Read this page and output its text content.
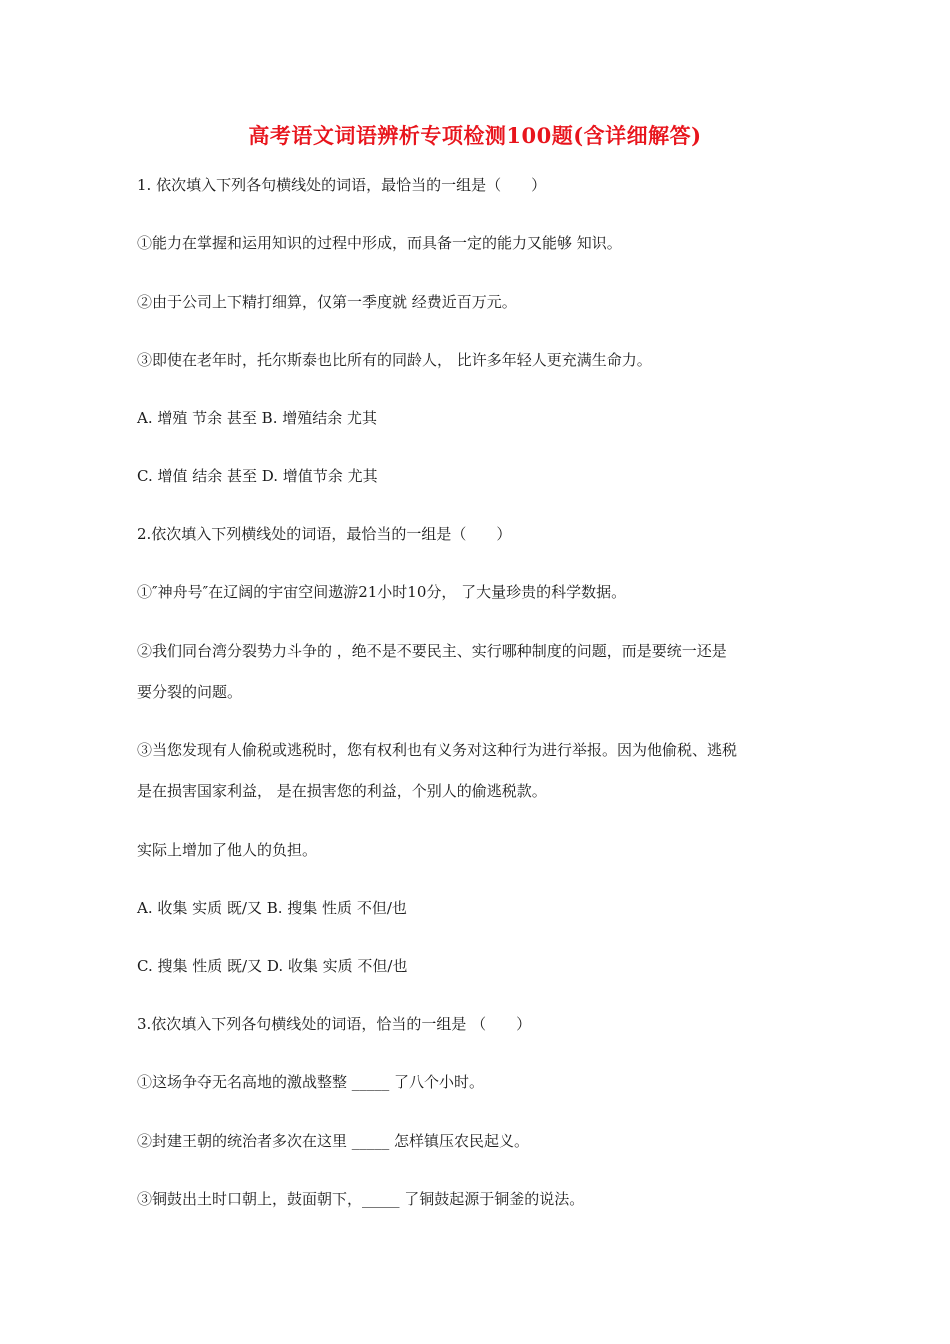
高考语文词语辨析专项检测100题(含详细解答)
1. 依次填入下列各句横线处的词语，最恰当的一组是（　　）
①能力在掌握和运用知识的过程中形成，而具备一定的能力又能够 知识。
②由于公司上下精打细算，仅第一季度就 经费近百万元。
③即使在老年时，托尔斯泰也比所有的同龄人， 比许多年轻人更充满生命力。
A. 增殖 节余 甚至 B. 增殖结余 尤其
C. 增值 结余 甚至 D. 增值节余 尤其
2.依次填入下列横线处的词语，最恰当的一组是（　　）
①″神舟号″在辽阔的宇宙空间遨游21小时10分， 了大量珍贵的科学数据。
②我们同台湾分裂势力斗争的 ，绝不是不要民主、实行哪种制度的问题，而是要统一还是
要分裂的问题。
③当您发现有人偷税或逃税时，您有权利也有义务对这种行为进行举报。因为他偷税、逃税
是在损害国家利益， 是在损害您的利益，个别人的偷逃税款。
实际上增加了他人的负担。
A. 收集 实质 既/又 B. 搜集 性质 不但/也
C. 搜集 性质 既/又 D. 收集 实质 不但/也
3.依次填入下列各句横线处的词语，恰当的一组是 （　　）
①这场争夺无名高地的激战整整 _____ 了八个小时。
②封建王朝的统治者多次在这里 _____ 怎样镇压农民起义。
③铜鼓出土时口朝上，鼓面朝下，_____ 了铜鼓起源于铜釜的说法。
